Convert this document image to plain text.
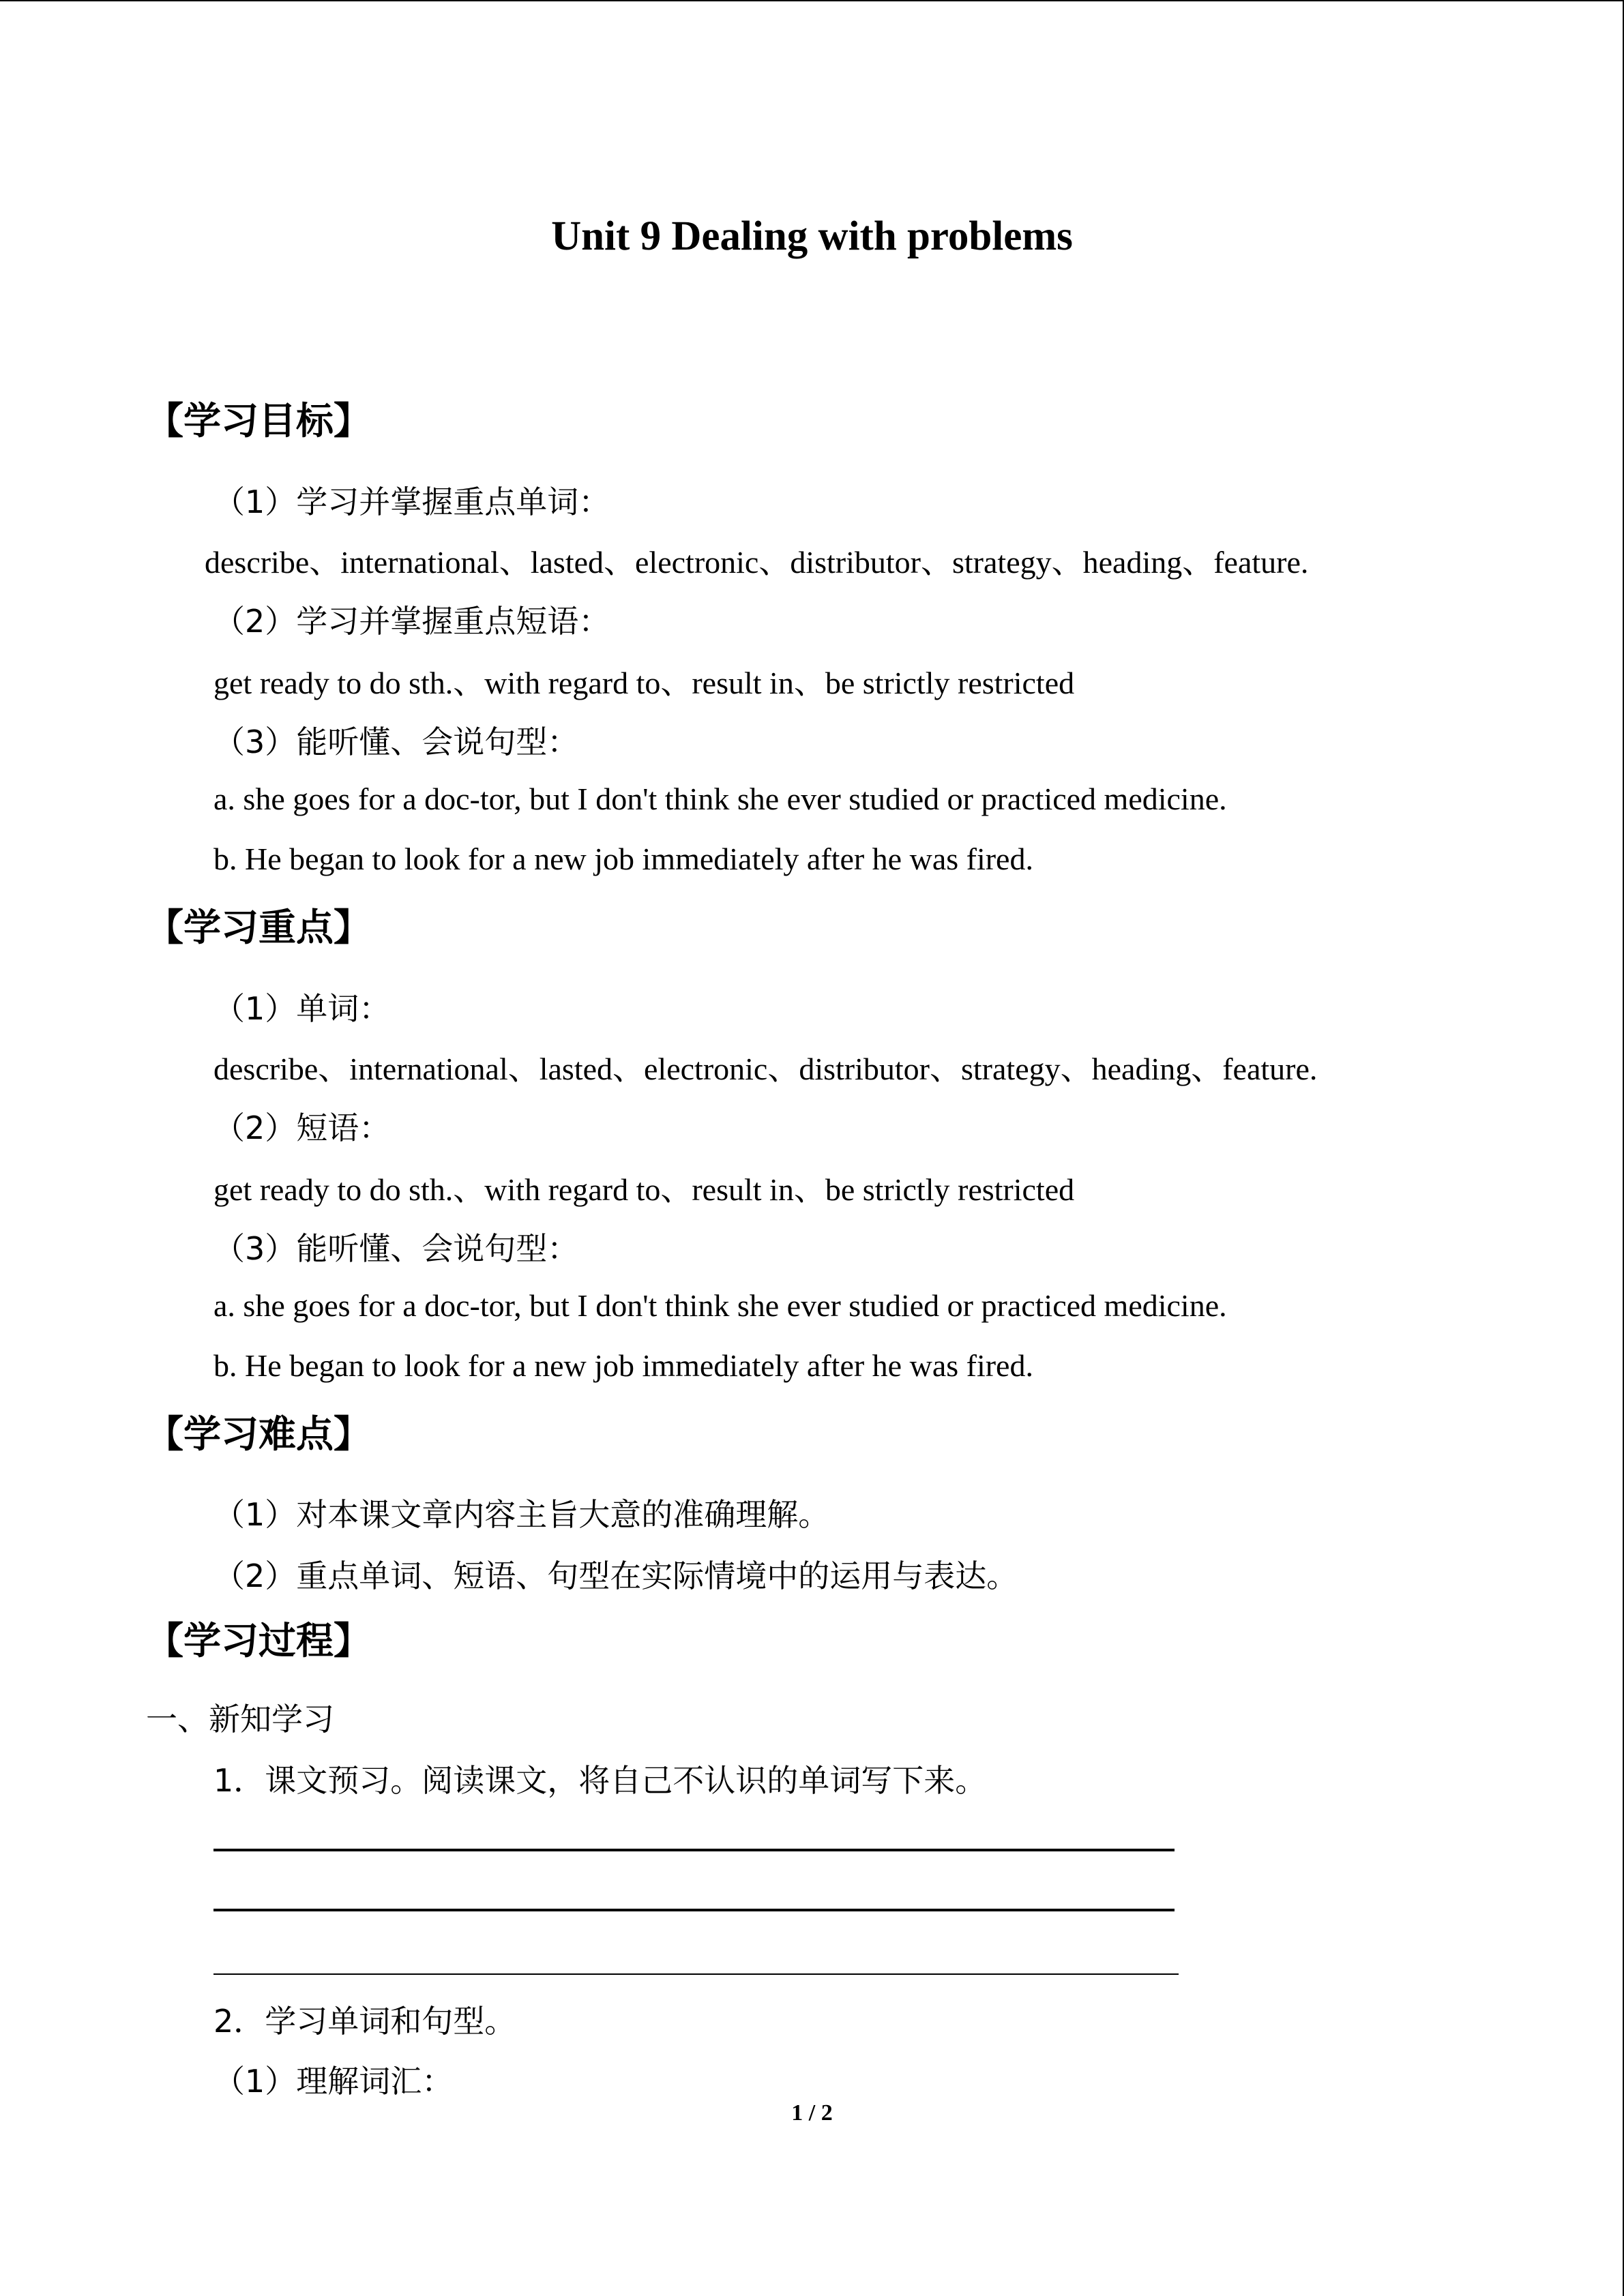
Unit 9 Dealing with problems
【学习目标】
（1）学习并掌握重点单词：
describe、international、lasted、electronic、distributor、strategy、heading、feature.
（2）学习并掌握重点短语：
get ready to do sth.、with regard to、result in、be strictly restricted
（3）能听懂、会说句型：
a. she goes for a doc-tor, but I don't think she ever studied or practiced medicine.
b. He began to look for a new job immediately after he was fired.
【学习重点】
（1）单词：
describe、international、lasted、electronic、distributor、strategy、heading、feature.
（2）短语：
get ready to do sth.、with regard to、result in、be strictly restricted
（3）能听懂、会说句型：
a. she goes for a doc-tor, but I don't think she ever studied or practiced medicine.
b. He began to look for a new job immediately after he was fired.
【学习难点】
（1）对本课文章内容主旨大意的准确理解。
（2）重点单词、短语、句型在实际情境中的运用与表达。
【学习过程】
一、新知学习
1．课文预习。阅读课文，将自己不认识的单词写下来。
2．学习单词和句型。
（1）理解词汇：
1 / 2
